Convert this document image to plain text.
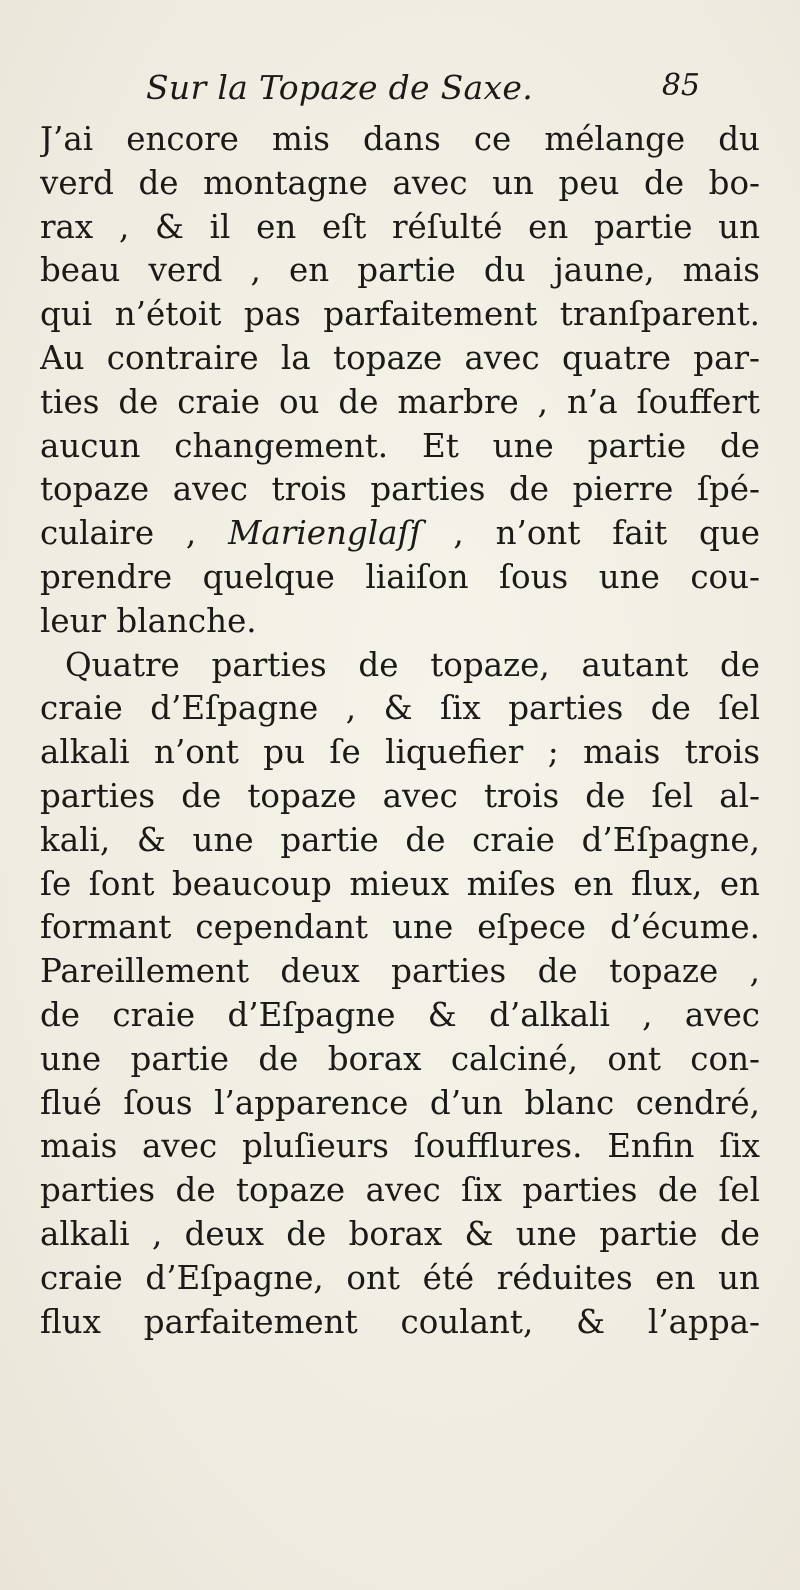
Sur la Topaze de Saxe.	85
J’ai encore mis dans ce mélange du
verd de montagne avec un peu de bo-
rax , & il en eſt réſulté en partie un
beau verd , en partie du jaune, mais
qui n’étoit pas parfaitement tranſparent.
Au contraire la topaze avec quatre par-
ties de craie ou de marbre , n’a ſouffert
aucun changement. Et une partie de
topaze avec trois parties de pierre ſpé-
culaire , Marienglaſſ , n’ont fait que
prendre quelque liaiſon ſous une cou-
leur blanche.
Quatre parties de topaze, autant de
craie d’Eſpagne , & ſix parties de ſel
alkali n’ont pu ſe liquefier ; mais trois
parties de topaze avec trois de ſel al-
kali, & une partie de craie d’Eſpagne,
ſe ſont beaucoup mieux miſes en flux, en
formant cependant une eſpece d’écume.
Pareillement deux parties de topaze ,
de craie d’Eſpagne & d’alkali , avec
une partie de borax calciné, ont con-
flué ſous l’apparence d’un blanc cendré,
mais avec pluſieurs ſoufflures. Enfin ſix
parties de topaze avec ſix parties de ſel
alkali , deux de borax & une partie de
craie d’Eſpagne, ont été réduites en un
flux parfaitement coulant, & l’appa-
